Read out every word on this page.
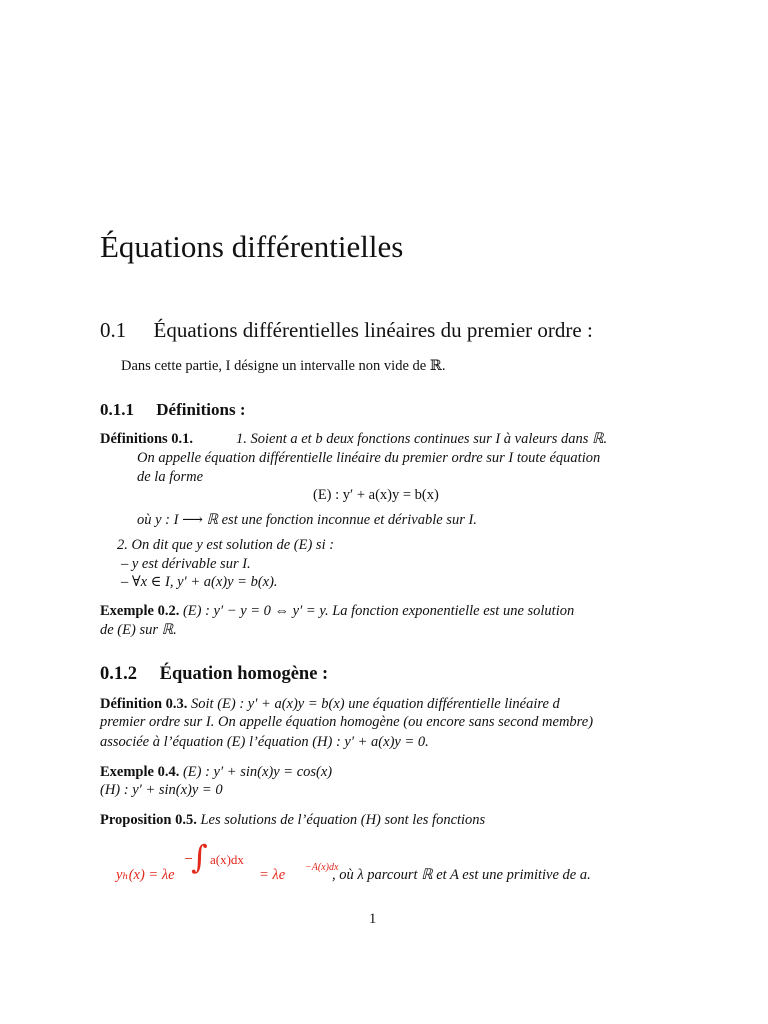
Équations différentielles
0.1 Équations différentielles linéaires du premier ordre :
Dans cette partie, I désigne un intervalle non vide de ℝ.
0.1.1 Définitions :
Définitions 0.1.	1. Soient a et b deux fonctions continues sur I à valeurs dans ℝ.
On appelle équation différentielle linéaire du premier ordre sur I toute équation
de la forme
(E) : y′ + a(x)y = b(x)
où y : I ⟶ ℝ est une fonction inconnue et dérivable sur I.
2. On dit que y est solution de (E) si :
– y est dérivable sur I.
– ∀x ∈ I, y′ + a(x)y = b(x).
Exemple 0.2. (E) : y′ − y = 0 ⇔ y′ = y. La fonction exponentielle est une solution
de (E) sur ℝ.
0.1.2 Équation homogène :
Définition 0.3. Soit (E) : y′ + a(x)y = b(x) une équation différentielle linéaire d
premier ordre sur I. On appelle équation homogène (ou encore sans second membre)
associée à l’équation (E) l’équation (H) : y′ + a(x)y = 0.
Exemple 0.4. (E) : y′ + sin(x)y = cos(x)
(H) : y′ + sin(x)y = 0
Proposition 0.5. Les solutions de l’équation (H) sont les fonctions
yₕ(x) = λe
−
∫ a(x)dx
= λe −A(x)dx
, où λ parcourt ℝ et A est une primitive de a.
1
